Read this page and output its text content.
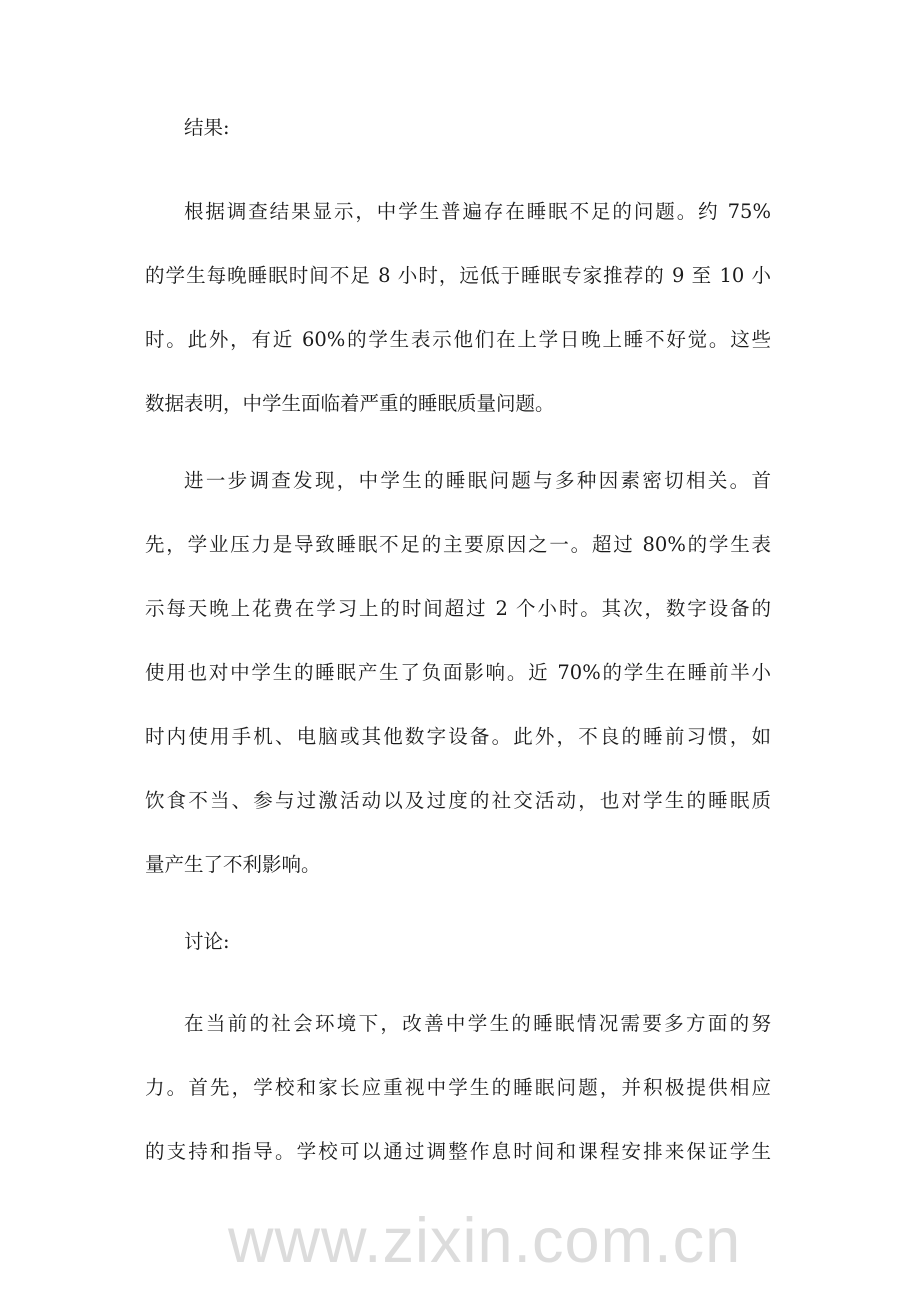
www.zixin.com.cn
结果:
根据调查结果显示，中学生普遍存在睡眠不足的问题。约 75%
的学生每晚睡眠时间不足 8 小时，远低于睡眠专家推荐的 9 至 10 小
时。此外，有近 60%的学生表示他们在上学日晚上睡不好觉。这些
数据表明，中学生面临着严重的睡眠质量问题。
进一步调查发现，中学生的睡眠问题与多种因素密切相关。首
先，学业压力是导致睡眠不足的主要原因之一。超过 80%的学生表
示每天晚上花费在学习上的时间超过 2 个小时。其次，数字设备的
使用也对中学生的睡眠产生了负面影响。近 70%的学生在睡前半小
时内使用手机、电脑或其他数字设备。此外，不良的睡前习惯，如
饮食不当、参与过激活动以及过度的社交活动，也对学生的睡眠质
量产生了不利影响。
讨论:
在当前的社会环境下，改善中学生的睡眠情况需要多方面的努
力。首先，学校和家长应重视中学生的睡眠问题，并积极提供相应
的支持和指导。学校可以通过调整作息时间和课程安排来保证学生
